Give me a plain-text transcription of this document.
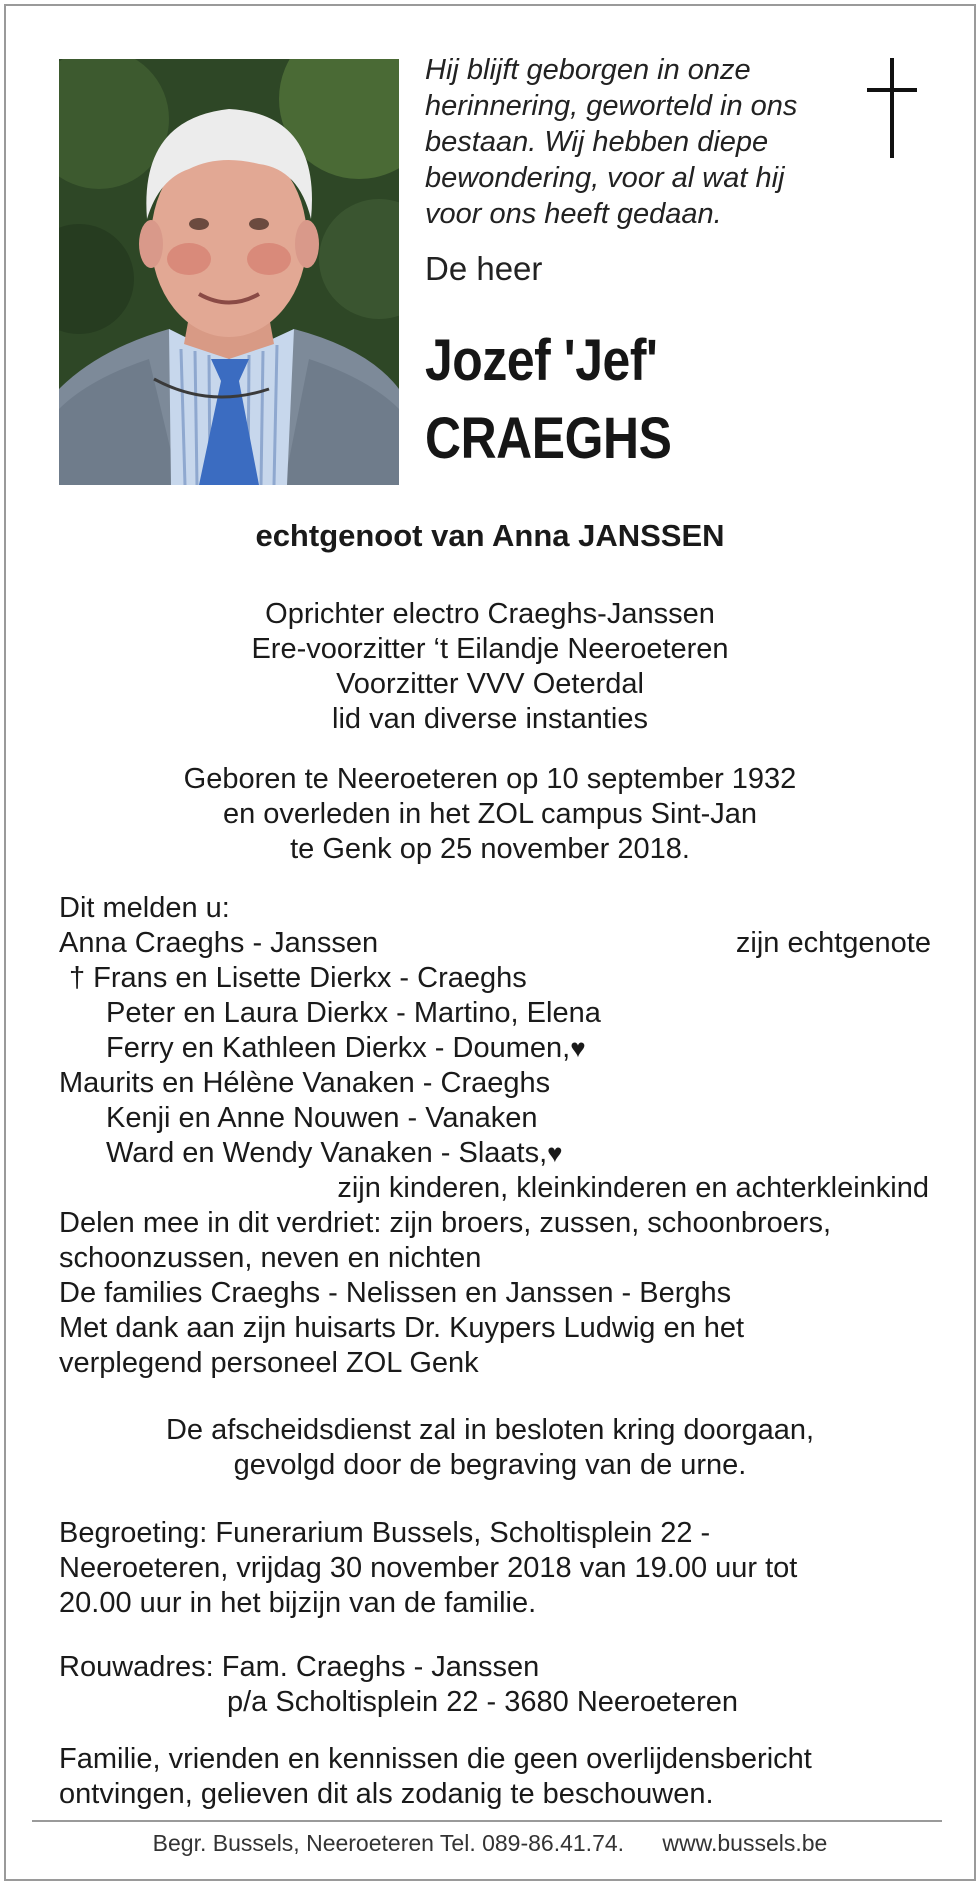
Hij blijft geborgen in onze
herinnering, geworteld in ons
bestaan. Wij hebben diepe
bewondering, voor al wat hij
voor ons heeft gedaan.
De heer
Jozef 'Jef'
CRAEGHS
echtgenoot van Anna JANSSEN
Oprichter electro Craeghs-Janssen
Ere-voorzitter ‘t Eilandje Neeroeteren
Voorzitter VVV Oeterdal
lid van diverse instanties
Geboren te Neeroeteren op 10 september 1932
en overleden in het ZOL campus Sint-Jan
te Genk op 25 november 2018.
Dit melden u:
Anna Craeghs - Janssen	zijn echtgenote
† Frans en Lisette Dierkx - Craeghs
Peter en Laura Dierkx - Martino, Elena
Ferry en Kathleen Dierkx - Doumen,♥
Maurits en Hélène Vanaken - Craeghs
Kenji en Anne Nouwen - Vanaken
Ward en Wendy Vanaken - Slaats,♥
zijn kinderen, kleinkinderen en achterkleinkind
Delen mee in dit verdriet: zijn broers, zussen, schoonbroers,
schoonzussen, neven en nichten
De families Craeghs - Nelissen en Janssen - Berghs
Met dank aan zijn huisarts Dr. Kuypers Ludwig en het
verplegend personeel ZOL Genk
De afscheidsdienst zal in besloten kring doorgaan,
gevolgd door de begraving van de urne.
Begroeting: Funerarium Bussels, Scholtisplein 22 -
Neeroeteren, vrijdag 30 november 2018 van 19.00 uur tot
20.00 uur in het bijzijn van de familie.
Rouwadres: Fam. Craeghs - Janssen
p/a Scholtisplein 22 - 3680 Neeroeteren
Familie, vrienden en kennissen die geen overlijdensbericht
ontvingen, gelieven dit als zodanig te beschouwen.
Begr. Bussels, Neeroeteren Tel. 089-86.41.74. www.bussels.be
